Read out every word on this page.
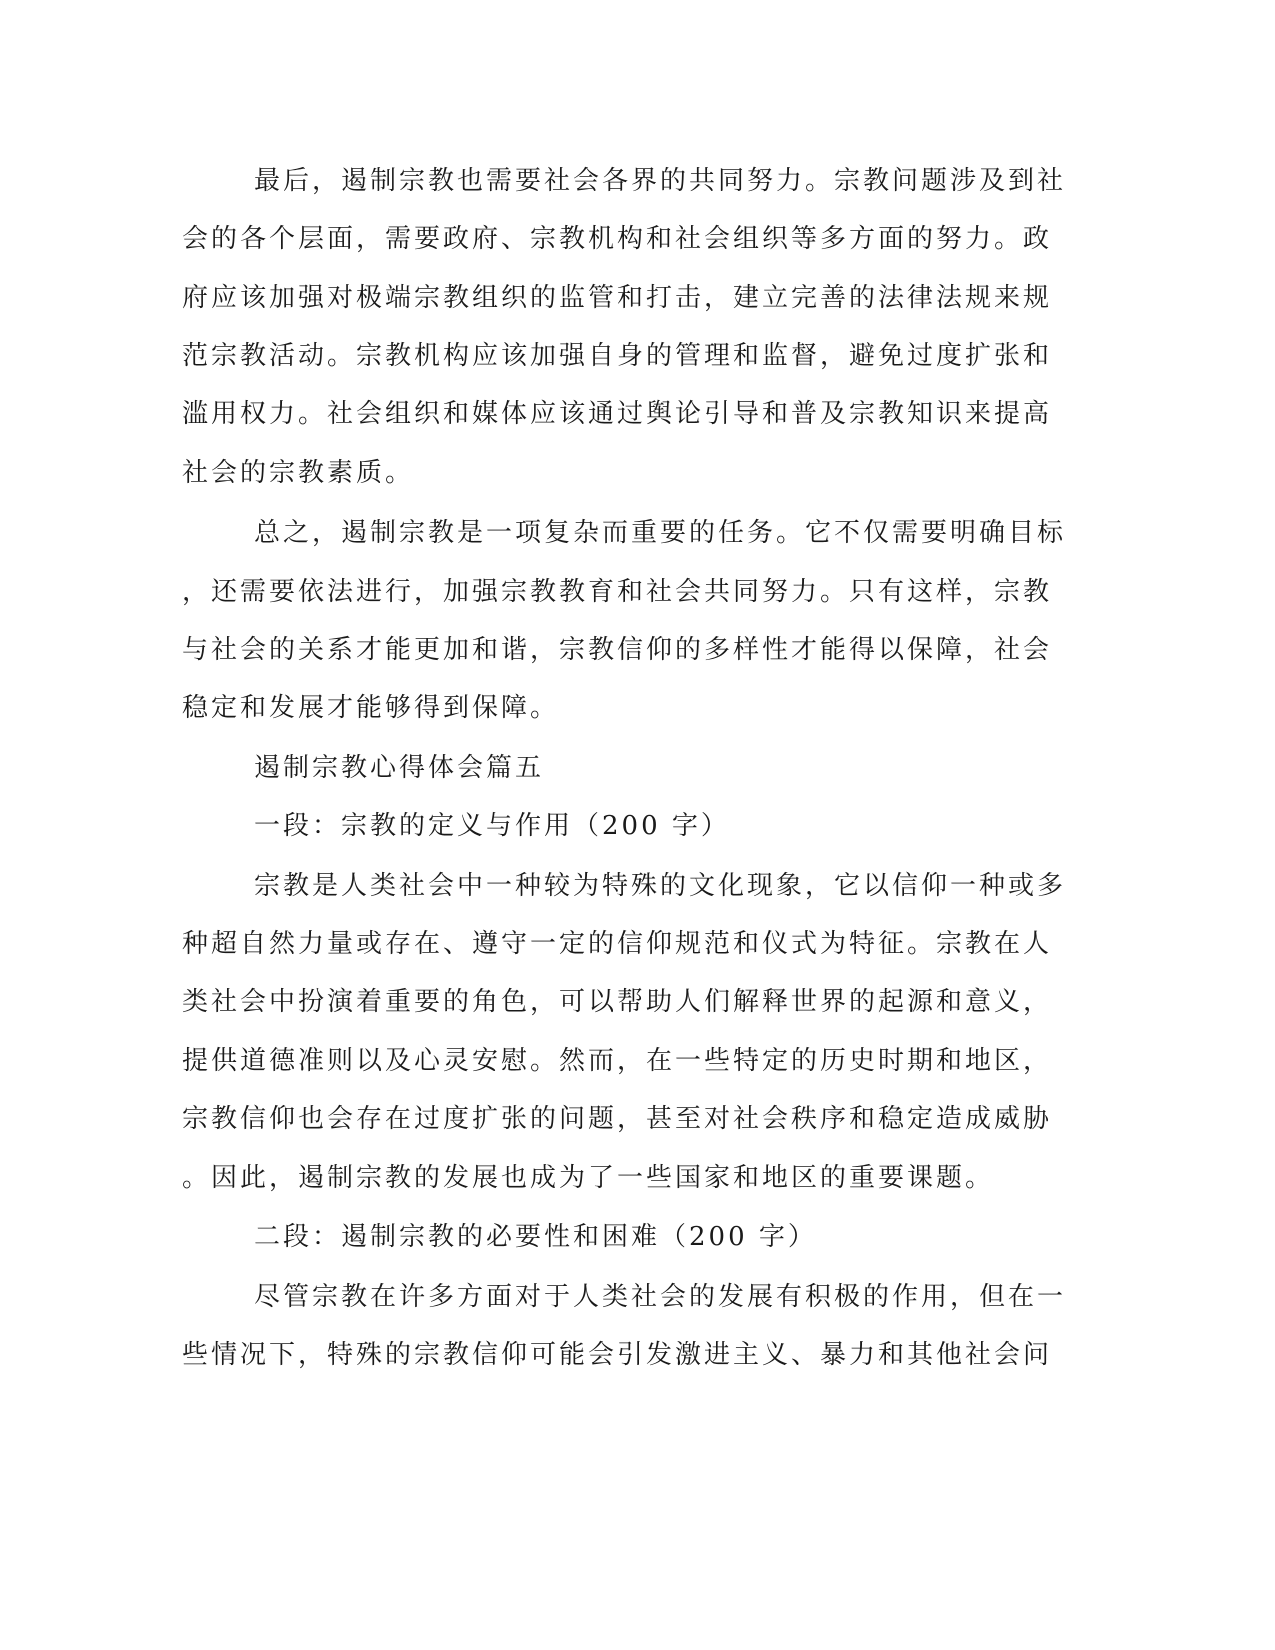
最后，遏制宗教也需要社会各界的共同努力。宗教问题涉及到社
会的各个层面，需要政府、宗教机构和社会组织等多方面的努力。政
府应该加强对极端宗教组织的监管和打击，建立完善的法律法规来规
范宗教活动。宗教机构应该加强自身的管理和监督，避免过度扩张和
滥用权力。社会组织和媒体应该通过舆论引导和普及宗教知识来提高
社会的宗教素质。
总之，遏制宗教是一项复杂而重要的任务。它不仅需要明确目标
，还需要依法进行，加强宗教教育和社会共同努力。只有这样，宗教
与社会的关系才能更加和谐，宗教信仰的多样性才能得以保障，社会
稳定和发展才能够得到保障。
遏制宗教心得体会篇五
一段：宗教的定义与作用（200 字）
宗教是人类社会中一种较为特殊的文化现象，它以信仰一种或多
种超自然力量或存在、遵守一定的信仰规范和仪式为特征。宗教在人
类社会中扮演着重要的角色，可以帮助人们解释世界的起源和意义，
提供道德准则以及心灵安慰。然而，在一些特定的历史时期和地区，
宗教信仰也会存在过度扩张的问题，甚至对社会秩序和稳定造成威胁
。因此，遏制宗教的发展也成为了一些国家和地区的重要课题。
二段：遏制宗教的必要性和困难（200 字）
尽管宗教在许多方面对于人类社会的发展有积极的作用，但在一
些情况下，特殊的宗教信仰可能会引发激进主义、暴力和其他社会问
